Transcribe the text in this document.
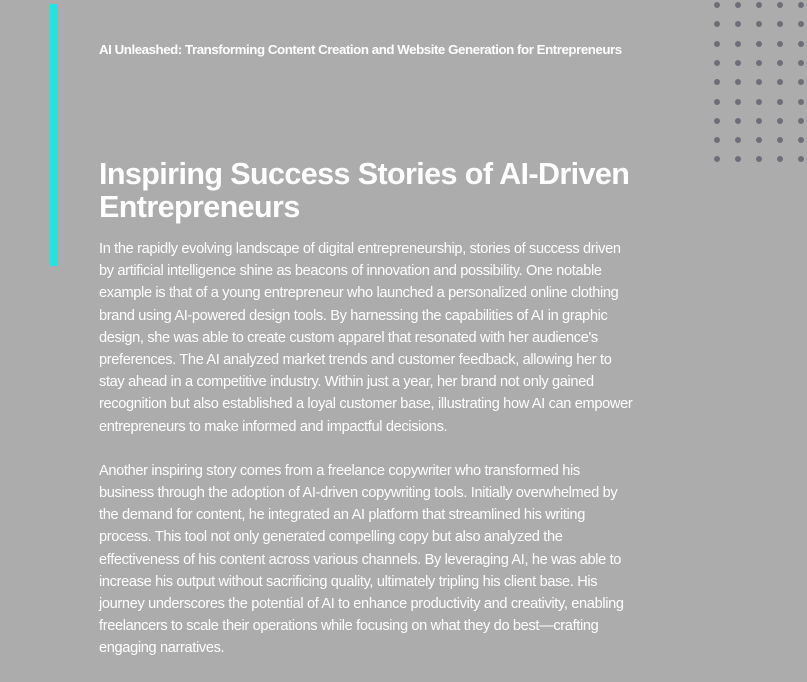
AI Unleashed: Transforming Content Creation and Website Generation for Entrepreneurs
Inspiring Success Stories of AI-Driven
Entrepreneurs

In the rapidly evolving landscape of digital entrepreneurship, stories of success driven
by artificial intelligence shine as beacons of innovation and possibility. One notable
example is that of a young entrepreneur who launched a personalized online clothing
brand using AI-powered design tools. By harnessing the capabilities of AI in graphic
design, she was able to create custom apparel that resonated with her audience's
preferences. The AI analyzed market trends and customer feedback, allowing her to
stay ahead in a competitive industry. Within just a year, her brand not only gained
recognition but also established a loyal customer base, illustrating how AI can empower
entrepreneurs to make informed and impactful decisions.

Another inspiring story comes from a freelance copywriter who transformed his
business through the adoption of AI-driven copywriting tools. Initially overwhelmed by
the demand for content, he integrated an AI platform that streamlined his writing
process. This tool not only generated compelling copy but also analyzed the
effectiveness of his content across various channels. By leveraging AI, he was able to
increase his output without sacrificing quality, ultimately tripling his client base. His
journey underscores the potential of AI to enhance productivity and creativity, enabling
freelancers to scale their operations while focusing on what they do best—crafting
engaging narratives.
